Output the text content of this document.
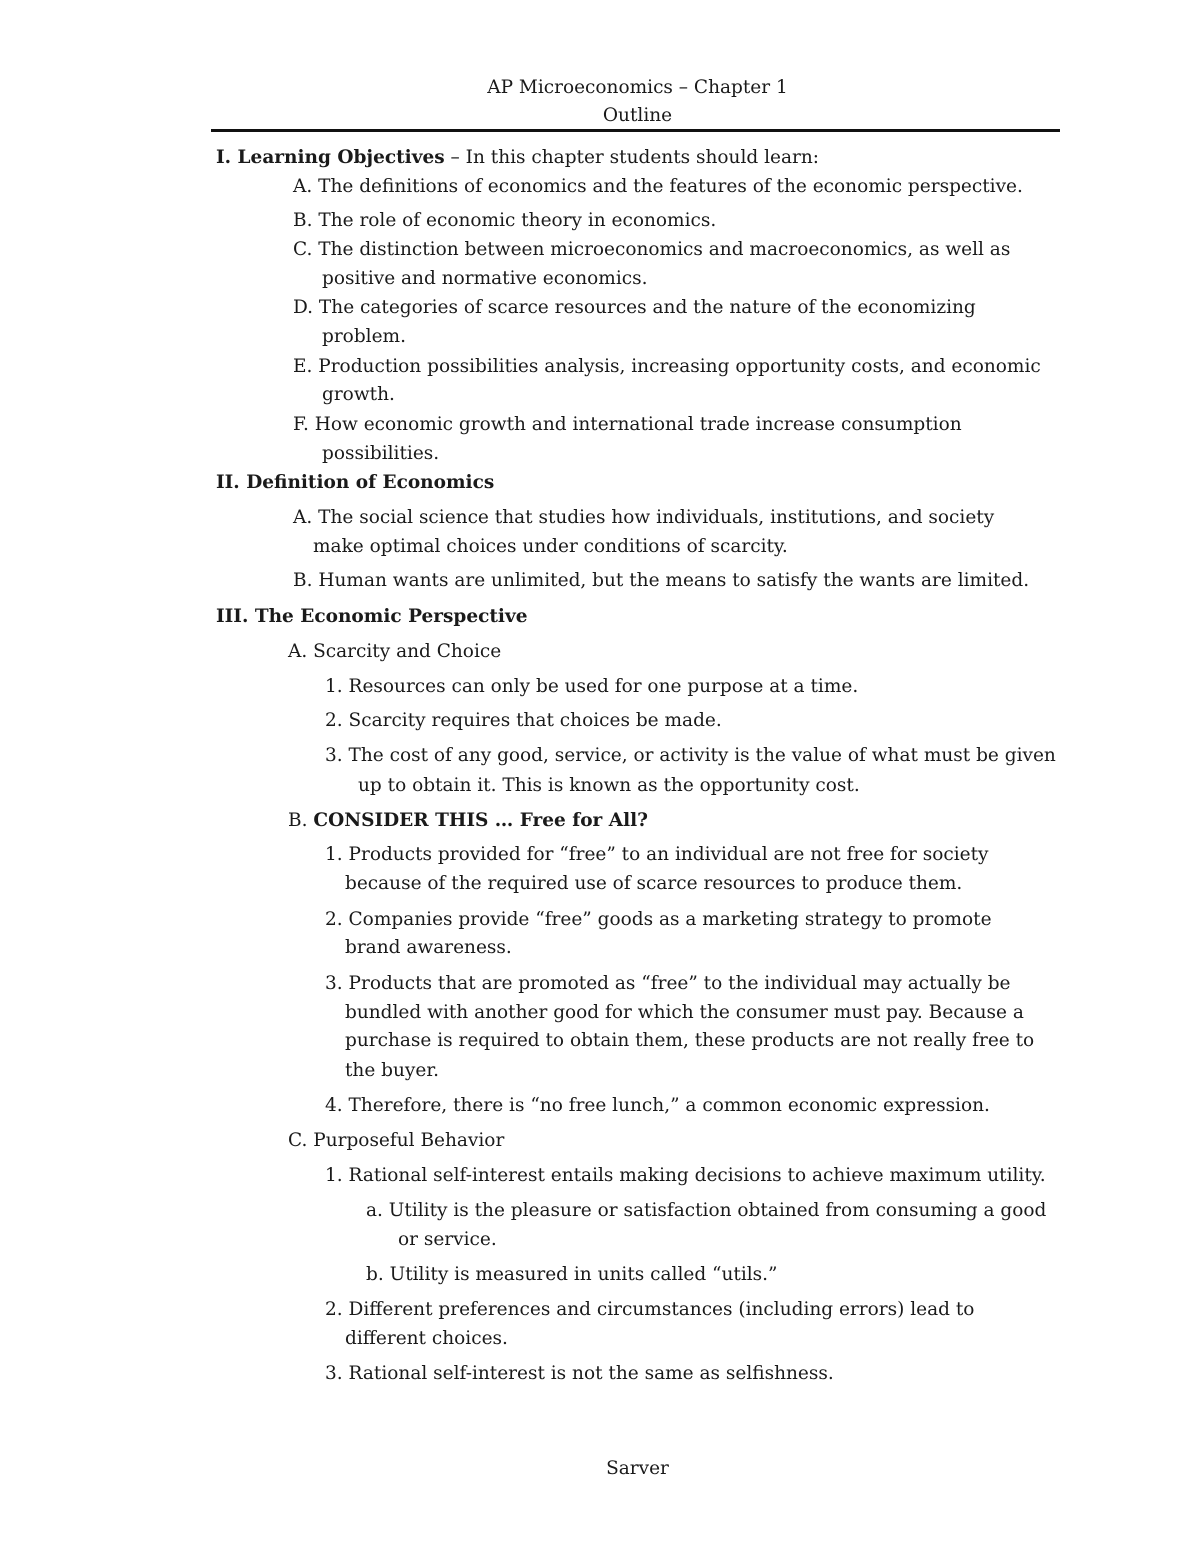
AP Microeconomics – Chapter 1
Outline
I. Learning Objectives – In this chapter students should learn:
A. The definitions of economics and the features of the economic perspective.
B. The role of economic theory in economics.
C. The distinction between microeconomics and macroeconomics, as well as
positive and normative economics.
D. The categories of scarce resources and the nature of the economizing
problem.
E. Production possibilities analysis, increasing opportunity costs, and economic
growth.
F. How economic growth and international trade increase consumption
possibilities.
II. Definition of Economics
A. The social science that studies how individuals, institutions, and society
make optimal choices under conditions of scarcity.
B. Human wants are unlimited, but the means to satisfy the wants are limited.
III. The Economic Perspective
A. Scarcity and Choice
1. Resources can only be used for one purpose at a time.
2. Scarcity requires that choices be made.
3. The cost of any good, service, or activity is the value of what must be given
up to obtain it. This is known as the opportunity cost.
B. CONSIDER THIS … Free for All?
1. Products provided for “free” to an individual are not free for society
because of the required use of scarce resources to produce them.
2. Companies provide “free” goods as a marketing strategy to promote
brand awareness.
3. Products that are promoted as “free” to the individual may actually be
bundled with another good for which the consumer must pay. Because a
purchase is required to obtain them, these products are not really free to
the buyer.
4. Therefore, there is “no free lunch,” a common economic expression.
C. Purposeful Behavior
1. Rational self-interest entails making decisions to achieve maximum utility.
a. Utility is the pleasure or satisfaction obtained from consuming a good
or service.
b. Utility is measured in units called “utils.”
2. Different preferences and circumstances (including errors) lead to
different choices.
3. Rational self-interest is not the same as selfishness.
Sarver
